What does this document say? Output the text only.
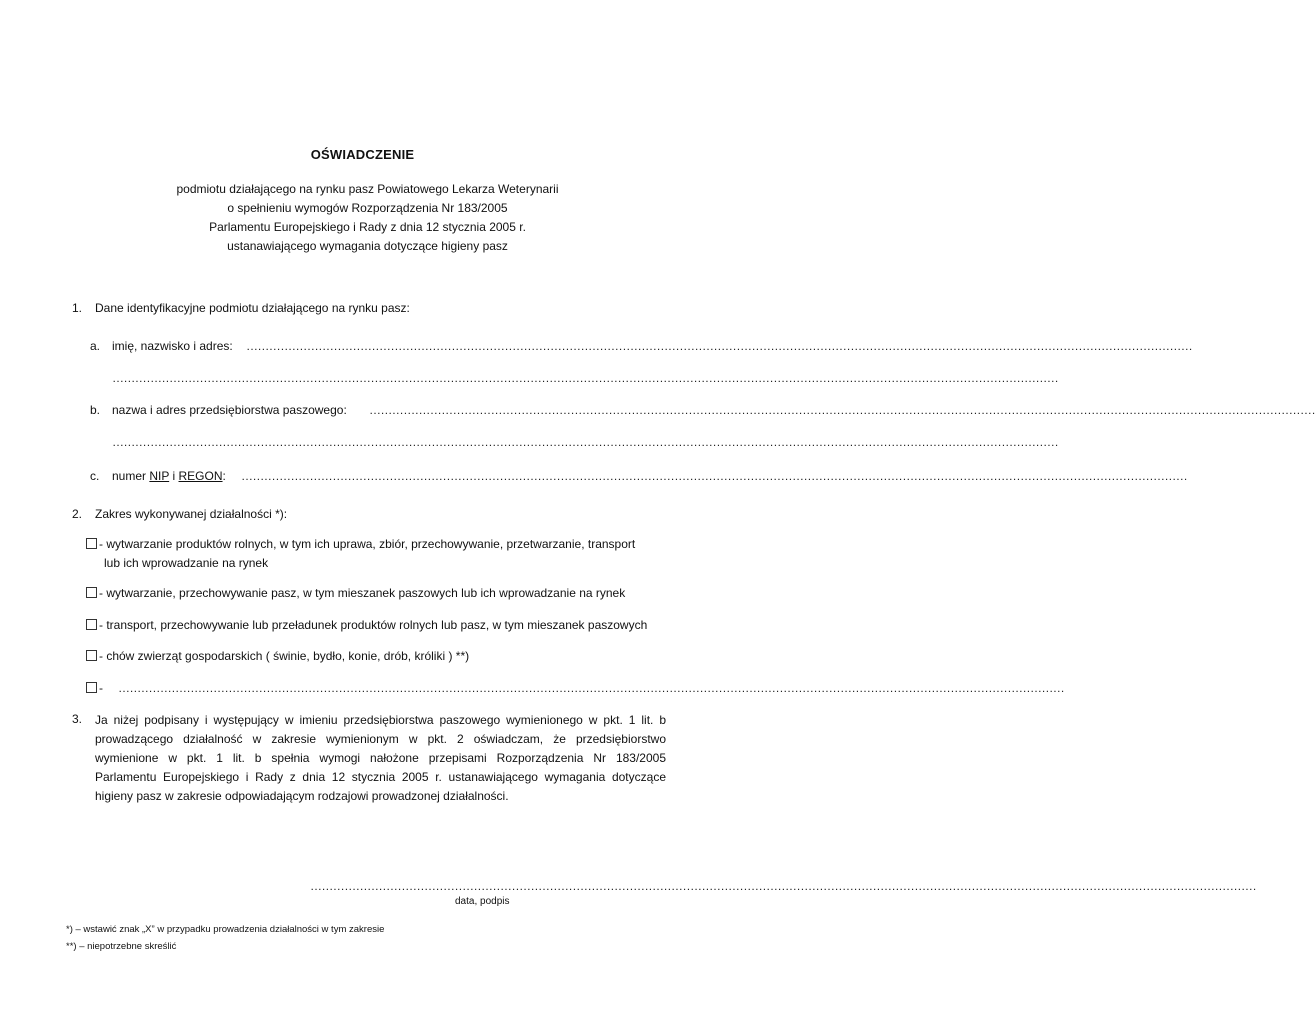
OŚWIADCZENIE
podmiotu działającego na rynku pasz Powiatowego Lekarza Weterynarii
o spełnieniu wymogów Rozporządzenia Nr 183/2005
Parlamentu Europejskiego i Rady z dnia 12 stycznia 2005 r.
ustanawiającego wymagania dotyczące higieny pasz
1. Dane identyfikacyjne podmiotu działającego na rynku pasz:
a. imię, nazwisko i adres: ……………………………………………………………………………………………………………………………………………………………………………………………………………………………
……………………………………………………………………………………………………………………………………………………………………………………………………………………………
b. nazwa i adres przedsiębiorstwa paszowego: ……………………………………………………………………………………………………………………………………………………………………………………………………………………………
……………………………………………………………………………………………………………………………………………………………………………………………………………………………
c. numer NIP i REGON: ……………………………………………………………………………………………………………………………………………………………………………………………………………………………
2. Zakres wykonywanej działalności *):
- wytwarzanie produktów rolnych, w tym ich uprawa, zbiór, przechowywanie, przetwarzanie, transport
lub ich wprowadzanie na rynek
- wytwarzanie, przechowywanie pasz, w tym mieszanek paszowych lub ich wprowadzanie na rynek
- transport, przechowywanie lub przeładunek produktów rolnych lub pasz, w tym mieszanek paszowych
- chów zwierząt gospodarskich ( świnie, bydło, konie, drób, króliki ) **)
- ……………………………………………………………………………………………………………………………………………………………………………………………………………………………
3. Ja niżej podpisany i występujący w imieniu przedsiębiorstwa paszowego wymienionego w pkt. 1 lit. b
prowadzącego działalność w zakresie wymienionym w pkt. 2 oświadczam, że przedsiębiorstwo
wymienione w pkt. 1 lit. b spełnia wymogi nałożone przepisami Rozporządzenia Nr 183/2005
Parlamentu Europejskiego i Rady z dnia 12 stycznia 2005 r. ustanawiającego wymagania dotyczące
higieny pasz w zakresie odpowiadającym rodzajowi prowadzonej działalności.
……………………………………………………………………………………………………………………………………………………………………………………………………………………………
data, podpis
*) – wstawić znak „X” w przypadku prowadzenia działalności w tym zakresie
**) – niepotrzebne skreślić
